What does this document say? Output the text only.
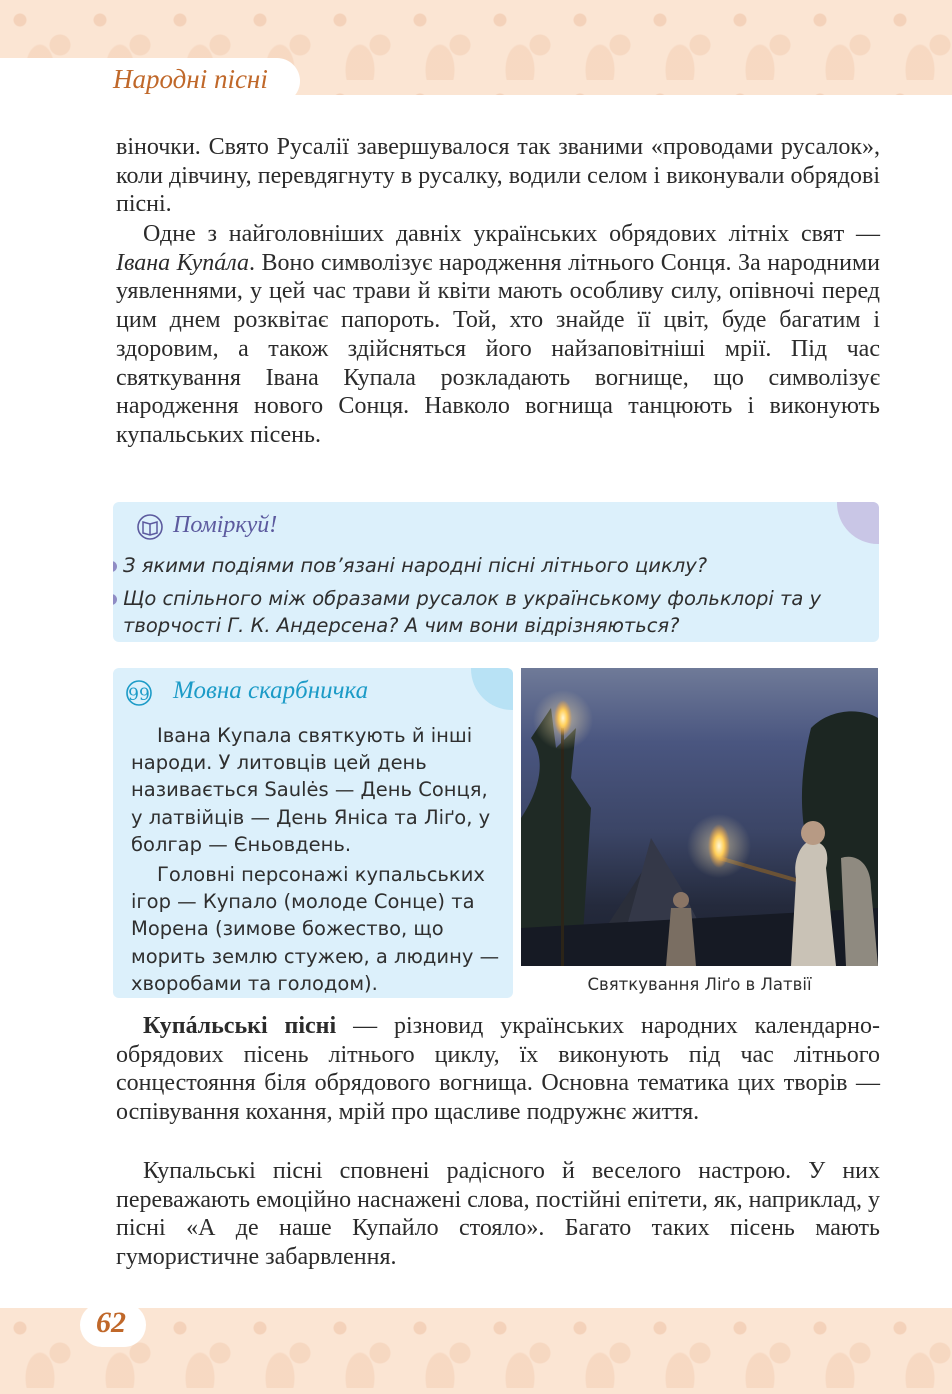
Народні пісні

віночки. Свято Русалії завершувалося так званими «проводами русалок», коли дівчину, перевдягнуту в русалку, водили селом і виконували обрядові пісні.

Одне з найголовніших давніх українських обрядових літніх свят — Івана Купáла. Воно символізує народження літнього Сонця. За народними уявленнями, у цей час трави й квіти мають особливу силу, опівночі перед цим днем розквітає папороть. Той, хто знайде її цвіт, буде багатим і здоровим, а також здійсняться його найзаповітніші мрії. Під час святкування Івана Купала розкладають вогнище, що символізує народження нового Сонця. Навколо вогнища танцюють і виконують купальських пісень.

Поміркуй!

З якими подіями пов’язані народні пісні літнього циклу?

Що спільного між образами русалок в українському фольклорі та у творчості Г. К. Андерсена? А чим вони відрізняються?

99 Мовна скарбничка

Івана Купала святкують й інші народи. У литовців цей день називається Saulės — День Сонця, у латвійців — День Яніса та Ліґо, у болгар — Єньовдень.

Головні персонажі купальських ігор — Купало (молоде Сонце) та Морена (зимове божество, що морить землю стужею, а людину — хворобами та голодом).	Святкування Ліґо в Латвії

Купáльські пісні — різновид українських народних календарно-обрядових пісень літнього циклу, їх виконують під час літнього сонцестояння біля обрядового вогнища. Основна тематика цих творів — оспівування кохання, мрій про щасливе подружнє життя.

Купальські пісні сповнені радісного й веселого настрою. У них переважають емоційно наснажені слова, постійні епітети, як, наприклад, у пісні «А де наше Купайло стояло». Багато таких пісень мають гумористичне забарвлення.

62
